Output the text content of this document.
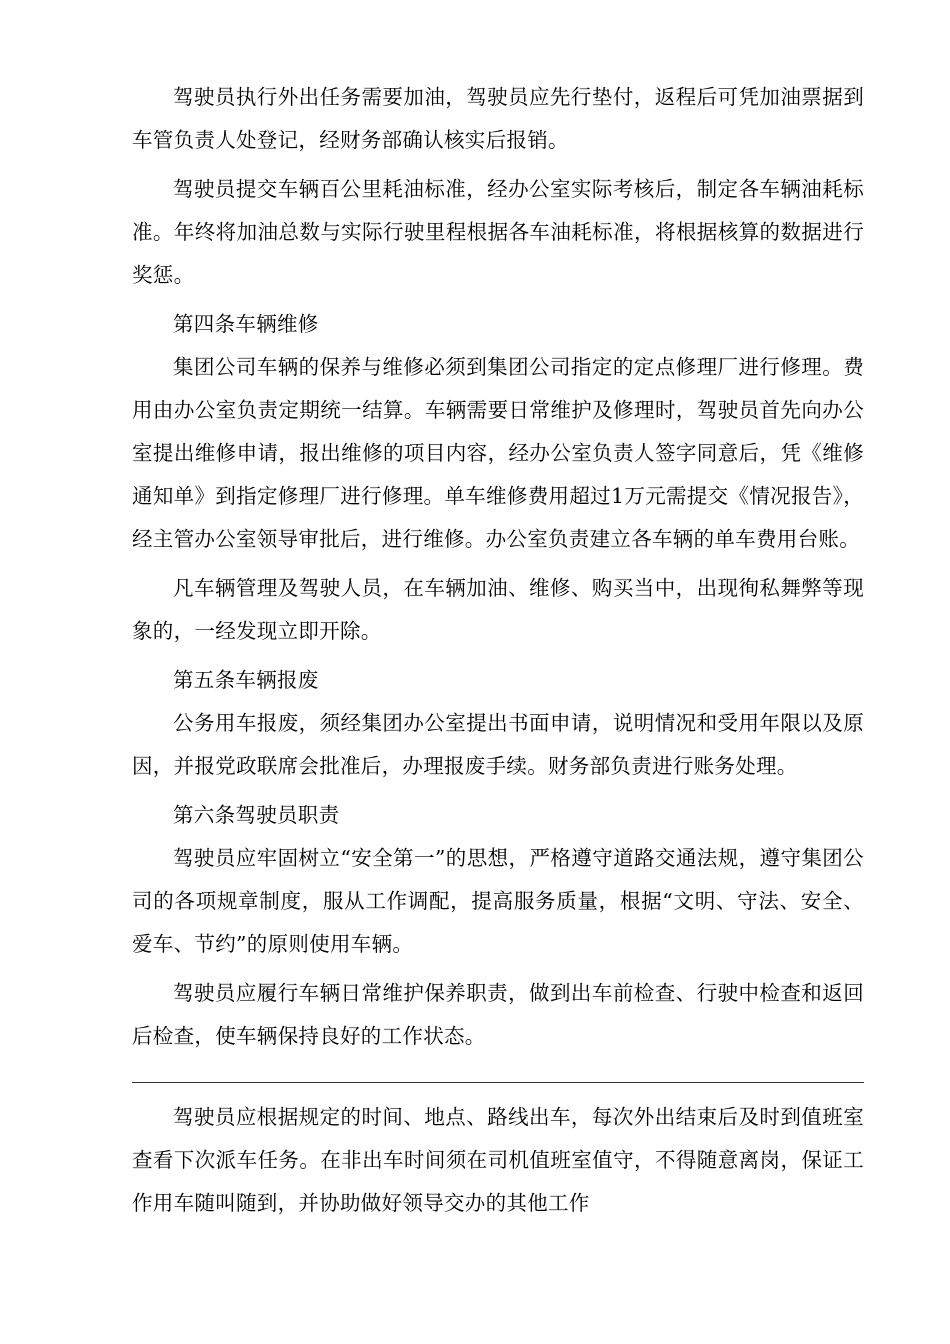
驾驶员执行外出任务需要加油，驾驶员应先行垫付，返程后可凭加油票据到车管负责人处登记，经财务部确认核实后报销。

驾驶员提交车辆百公里耗油标准，经办公室实际考核后，制定各车辆油耗标准。年终将加油总数与实际行驶里程根据各车油耗标准，将根据核算的数据进行奖惩。

第四条车辆维修

集团公司车辆的保养与维修必须到集团公司指定的定点修理厂进行修理。费用由办公室负责定期统一结算。车辆需要日常维护及修理时，驾驶员首先向办公室提出维修申请，报出维修的项目内容，经办公室负责人签字同意后，凭《维修通知单》到指定修理厂进行修理。单车维修费用超过1万元需提交《情况报告》，经主管办公室领导审批后，进行维修。办公室负责建立各车辆的单车费用台账。

凡车辆管理及驾驶人员，在车辆加油、维修、购买当中，出现徇私舞弊等现象的，一经发现立即开除。

第五条车辆报废

公务用车报废，须经集团办公室提出书面申请，说明情况和受用年限以及原因，并报党政联席会批准后，办理报废手续。财务部负责进行账务处理。

第六条驾驶员职责

驾驶员应牢固树立“安全第一”的思想，严格遵守道路交通法规，遵守集团公司的各项规章制度，服从工作调配，提高服务质量，根据“文明、守法、安全、爱车、节约”的原则使用车辆。

驾驶员应履行车辆日常维护保养职责，做到出车前检查、行驶中检查和返回后检查，使车辆保持良好的工作状态。

驾驶员应根据规定的时间、地点、路线出车，每次外出结束后及时到值班室查看下次派车任务。在非出车时间须在司机值班室值守，不得随意离岗，保证工作用车随叫随到，并协助做好领导交办的其他工作
